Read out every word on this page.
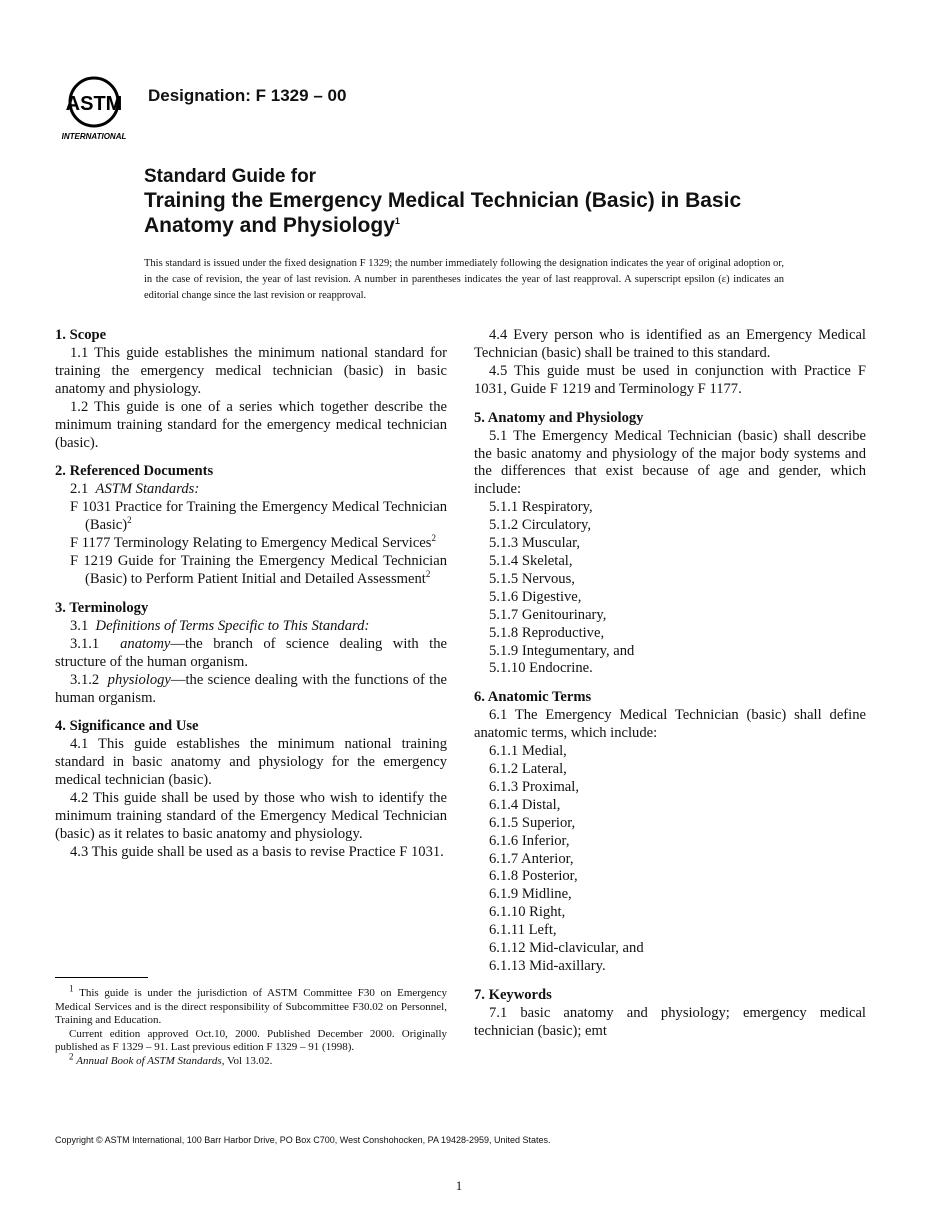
ASTM
INTERNATIONAL
Designation: F 1329 – 00
Standard Guide for
Training the Emergency Medical Technician (Basic) in Basic
Anatomy and Physiology$^1$
This standard is issued under the fixed designation F 1329; the number immediately following the designation indicates the year of original adoption or, in the case of revision, the year of last revision. A number in parentheses indicates the year of last reapproval. A superscript epsilon (ε) indicates an editorial change since the last revision or reapproval.
1. Scope

1.1 This guide establishes the minimum national standard for training the emergency medical technician (basic) in basic anatomy and physiology.

1.2 This guide is one of a series which together describe the minimum training standard for the emergency medical technician (basic).

2. Referenced Documents
2.1 ASTM Standards:
F 1031 Practice for Training the Emergency Medical Technician (Basic)$^2$
F 1177 Terminology Relating to Emergency Medical Services$^2$
F 1219 Guide for Training the Emergency Medical Technician (Basic) to Perform Patient Initial and Detailed Assessment$^2$
3. Terminology
3.1 Definitions of Terms Specific to This Standard:

3.1.1 anatomy—the branch of science dealing with the structure of the human organism.

3.1.2 physiology—the science dealing with the functions of the human organism.

4. Significance and Use

4.1 This guide establishes the minimum national training standard in basic anatomy and physiology for the emergency medical technician (basic).

4.2 This guide shall be used by those who wish to identify the minimum training standard of the Emergency Medical Technician (basic) as it relates to basic anatomy and physiology.

4.3 This guide shall be used as a basis to revise Practice F 1031.

4.4 Every person who is identified as an Emergency Medical Technician (basic) shall be trained to this standard.

4.5 This guide must be used in conjunction with Practice F 1031, Guide F 1219 and Terminology F 1177.

5. Anatomy and Physiology

5.1 The Emergency Medical Technician (basic) shall describe the basic anatomy and physiology of the major body systems and the differences that exist because of age and gender, which include:

5.1.1 Respiratory,
5.1.2 Circulatory,
5.1.3 Muscular,
5.1.4 Skeletal,
5.1.5 Nervous,
5.1.6 Digestive,
5.1.7 Genitourinary,
5.1.8 Reproductive,
5.1.9 Integumentary, and
5.1.10 Endocrine.
6. Anatomic Terms

6.1 The Emergency Medical Technician (basic) shall define anatomic terms, which include:

6.1.1 Medial,
6.1.2 Lateral,
6.1.3 Proximal,
6.1.4 Distal,
6.1.5 Superior,
6.1.6 Inferior,
6.1.7 Anterior,
6.1.8 Posterior,
6.1.9 Midline,
6.1.10 Right,
6.1.11 Left,
6.1.12 Mid-clavicular, and
6.1.13 Mid-axillary.
7. Keywords

7.1 basic anatomy and physiology; emergency medical technician (basic); emt

$^1$ This guide is under the jurisdiction of ASTM Committee F30 on Emergency Medical Services and is the direct responsibility of Subcommittee F30.02 on Personnel, Training and Education.

Current edition approved Oct.10, 2000. Published December 2000. Originally published as F 1329 – 91. Last previous edition F 1329 – 91 (1998).

$^2$ Annual Book of ASTM Standards, Vol 13.02.

Copyright © ASTM International, 100 Barr Harbor Drive, PO Box C700, West Conshohocken, PA 19428-2959, United States.
1
